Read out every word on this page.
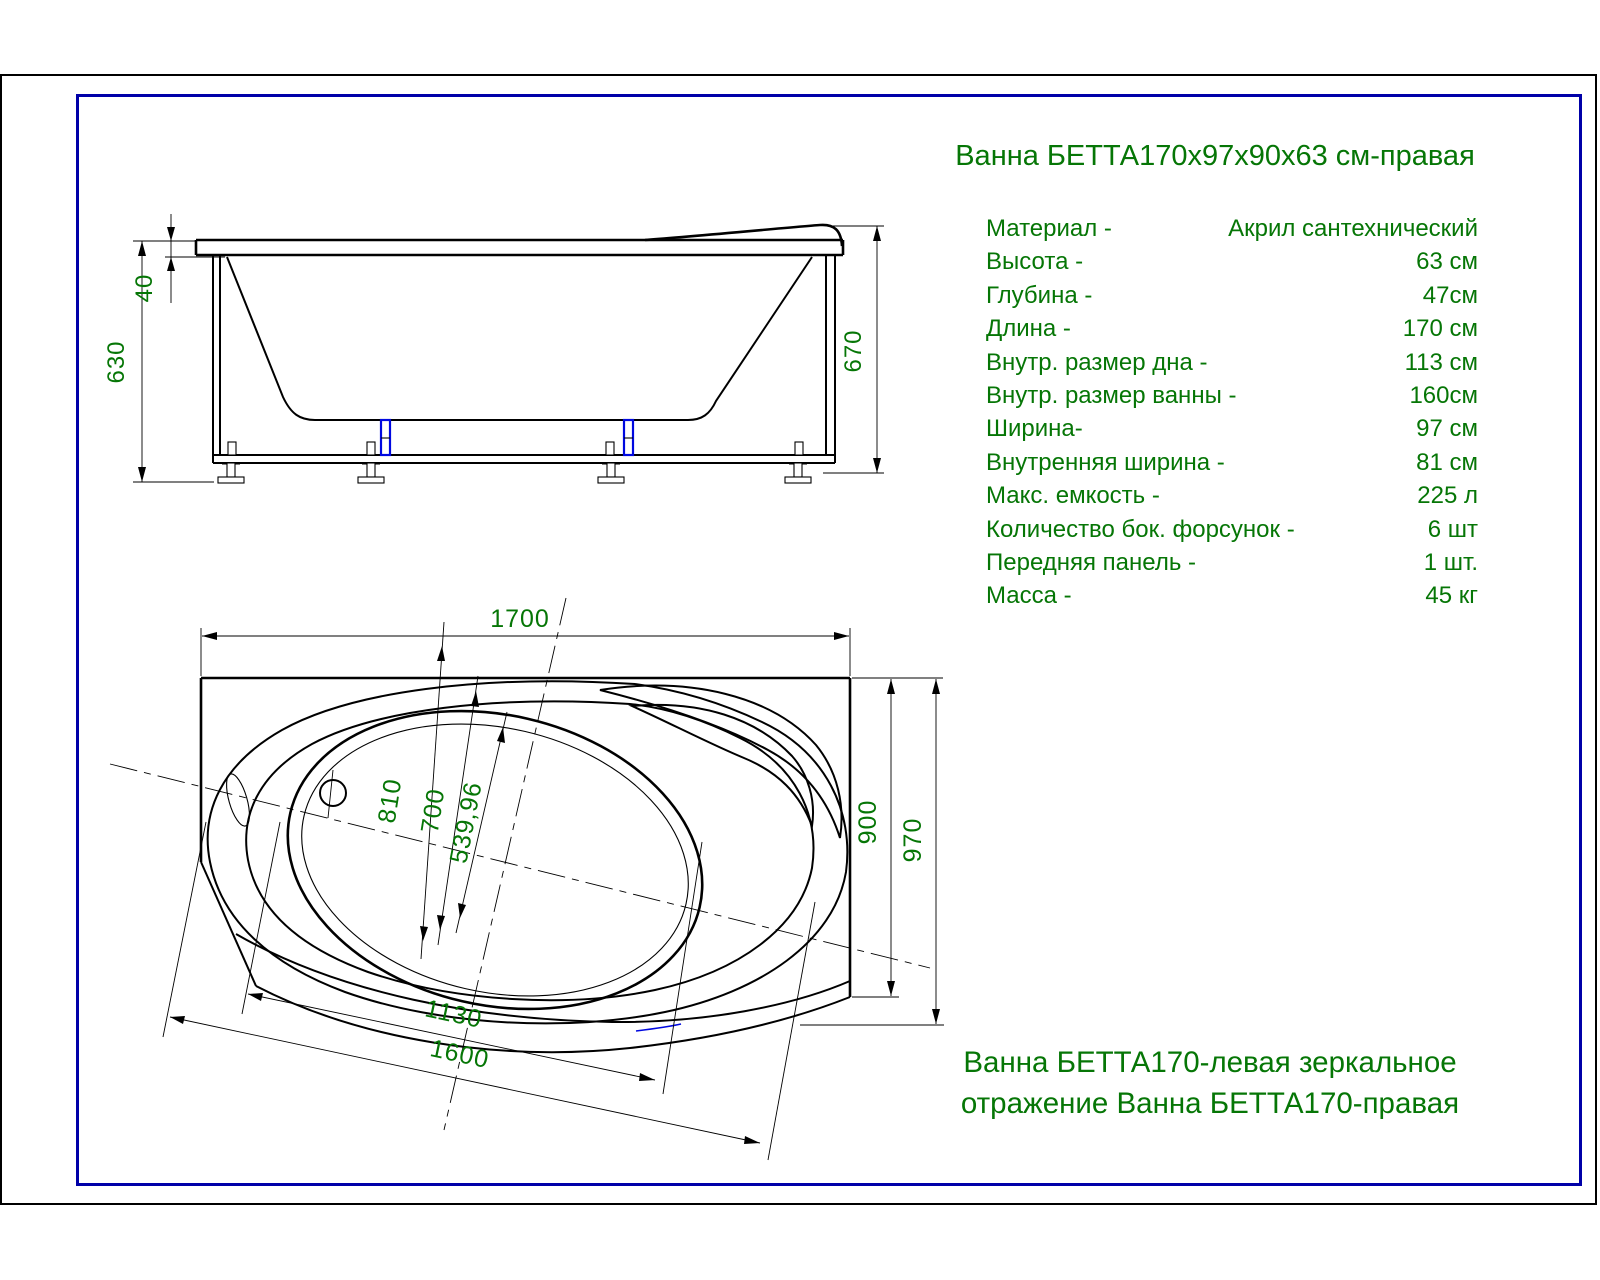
Ванна БЕТТА170х97х90х63 см-правая
Материал -	Акрил сантехнический
Высота -	63 см
Глубина -	47см
Длина -	170 см
Внутр. размер дна -	113 см
Внутр. размер ванны -	160см
Ширина-	97 см
Внутренняя ширина -	81 см
Макс. емкость -	225 л
Количество бок. форсунок -	6 шт
Передняя панель -	1 шт.
Масса -	45 кг
Ванна БЕТТА170-левая зеркальное
отражение Ванна БЕТТА170-правая
630
40
670
1700
810 700
539,96
1130
1600
900 970
